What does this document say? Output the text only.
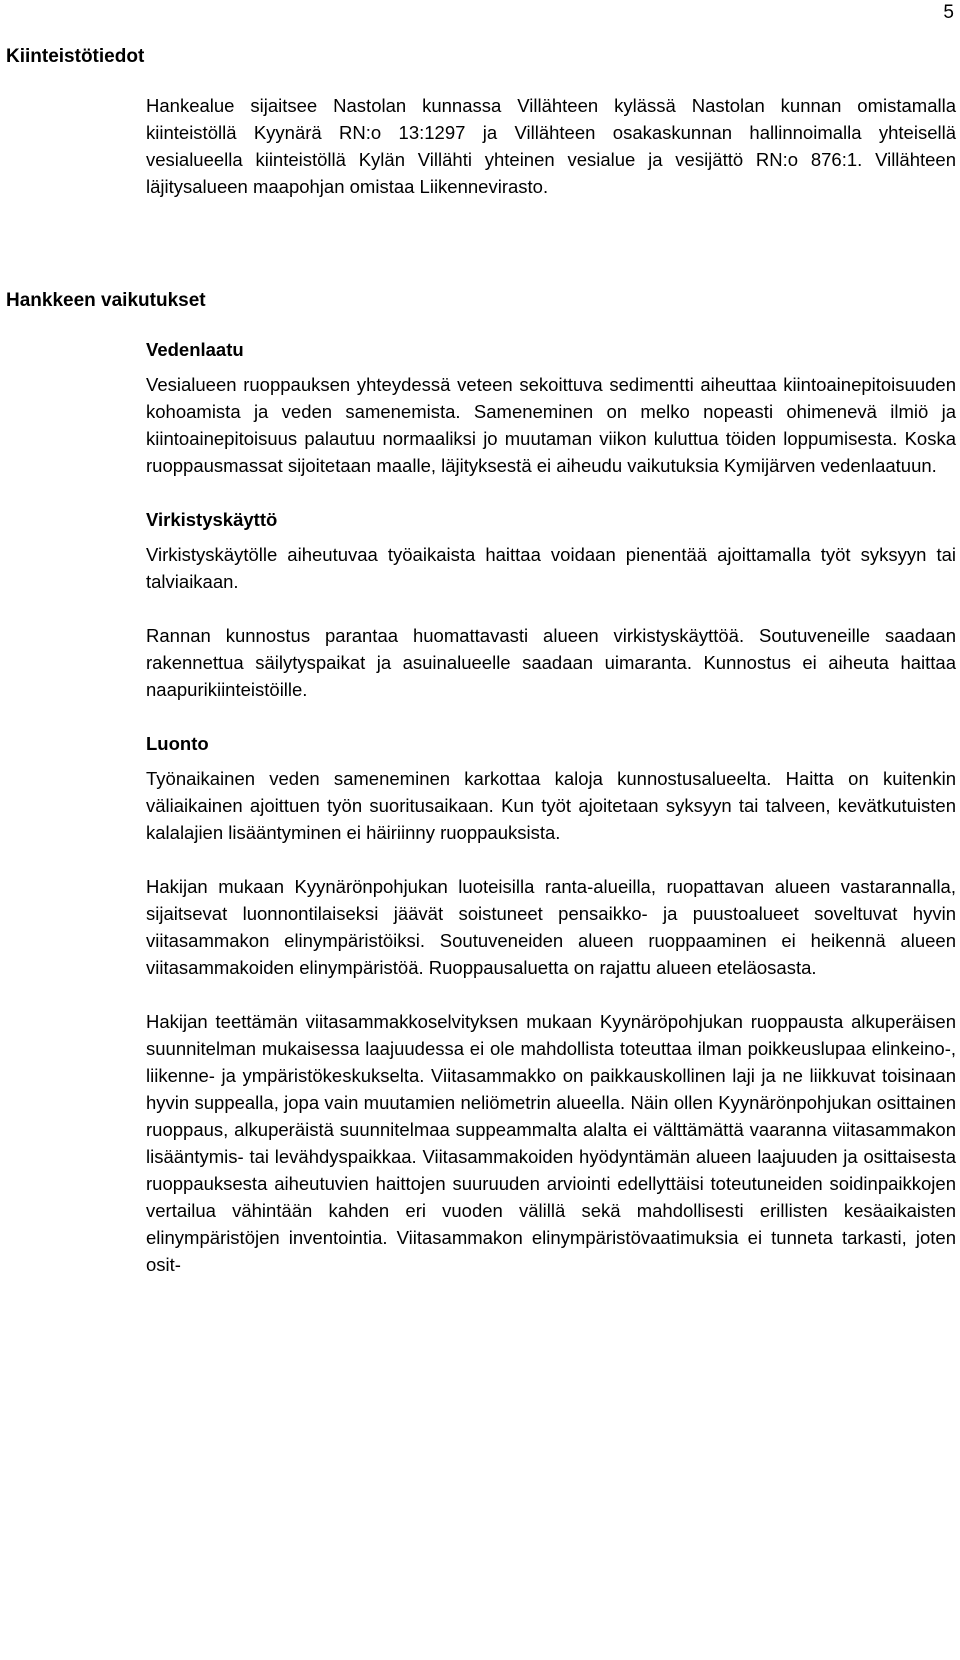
5
Kiinteistötiedot

Hankealue sijaitsee Nastolan kunnassa Villähteen kylässä Nastolan kunnan omistamalla kiinteistöllä Kyynärä RN:o 13:1297 ja Villähteen osakaskunnan hallinnoimalla yhteisellä vesialueella kiinteistöllä Kylän Villähti yhteinen vesialue ja vesijättö RN:o 876:1. Villähteen läjitysalueen maapohjan omistaa Liikennevirasto.

Hankkeen vaikutukset

Vedenlaatu

Vesialueen ruoppauksen yhteydessä veteen sekoittuva sedimentti aiheuttaa kiintoainepitoisuuden kohoamista ja veden samenemista. Sameneminen on melko nopeasti ohimenevä ilmiö ja kiintoainepitoisuus palautuu normaaliksi jo muutaman viikon kuluttua töiden loppumisesta. Koska ruoppausmassat sijoitetaan maalle, läjityksestä ei aiheudu vaikutuksia Kymijärven vedenlaatuun.

Virkistyskäyttö

Virkistyskäytölle aiheutuvaa työaikaista haittaa voidaan pienentää ajoittamalla työt syksyyn tai talviaikaan.

Rannan kunnostus parantaa huomattavasti alueen virkistyskäyttöä. Soutuveneille saadaan rakennettua säilytyspaikat ja asuinalueelle saadaan uimaranta. Kunnostus ei aiheuta haittaa naapurikiinteistöille.

Luonto

Työnaikainen veden sameneminen karkottaa kaloja kunnostusalueelta. Haitta on kuitenkin väliaikainen ajoittuen työn suoritusaikaan. Kun työt ajoitetaan syksyyn tai talveen, kevätkutuisten kalalajien lisääntyminen ei häiriinny ruoppauksista.

Hakijan mukaan Kyynärönpohjukan luoteisilla ranta-alueilla, ruopattavan alueen vastarannalla, sijaitsevat luonnontilaiseksi jäävät soistuneet pensaikko- ja puustoalueet soveltuvat hyvin viitasammakon elinympäristöiksi. Soutuveneiden alueen ruoppaaminen ei heikennä alueen viitasammakoiden elinympäristöä. Ruoppausaluetta on rajattu alueen eteläosasta.

Hakijan teettämän viitasammakkoselvityksen mukaan Kyynäröpohjukan ruoppausta alkuperäisen suunnitelman mukaisessa laajuudessa ei ole mahdollista toteuttaa ilman poikkeuslupaa elinkeino-, liikenne- ja ympäristökeskukselta. Viitasammakko on paikkauskollinen laji ja ne liikkuvat toisinaan hyvin suppealla, jopa vain muutamien neliömetrin alueella. Näin ollen Kyynärönpohjukan osittainen ruoppaus, alkuperäistä suunnitelmaa suppeammalta alalta ei välttämättä vaaranna viitasammakon lisääntymis- tai levähdyspaikkaa. Viitasammakoiden hyödyntämän alueen laajuuden ja osittaisesta ruoppauksesta aiheutuvien haittojen suuruuden arviointi edellyttäisi toteutuneiden soidinpaikkojen vertailua vähintään kahden eri vuoden välillä sekä mahdollisesti erillisten kesäaikaisten elinympäristöjen inventointia. Viitasammakon elinympäristövaatimuksia ei tunneta tarkasti, joten osit-
